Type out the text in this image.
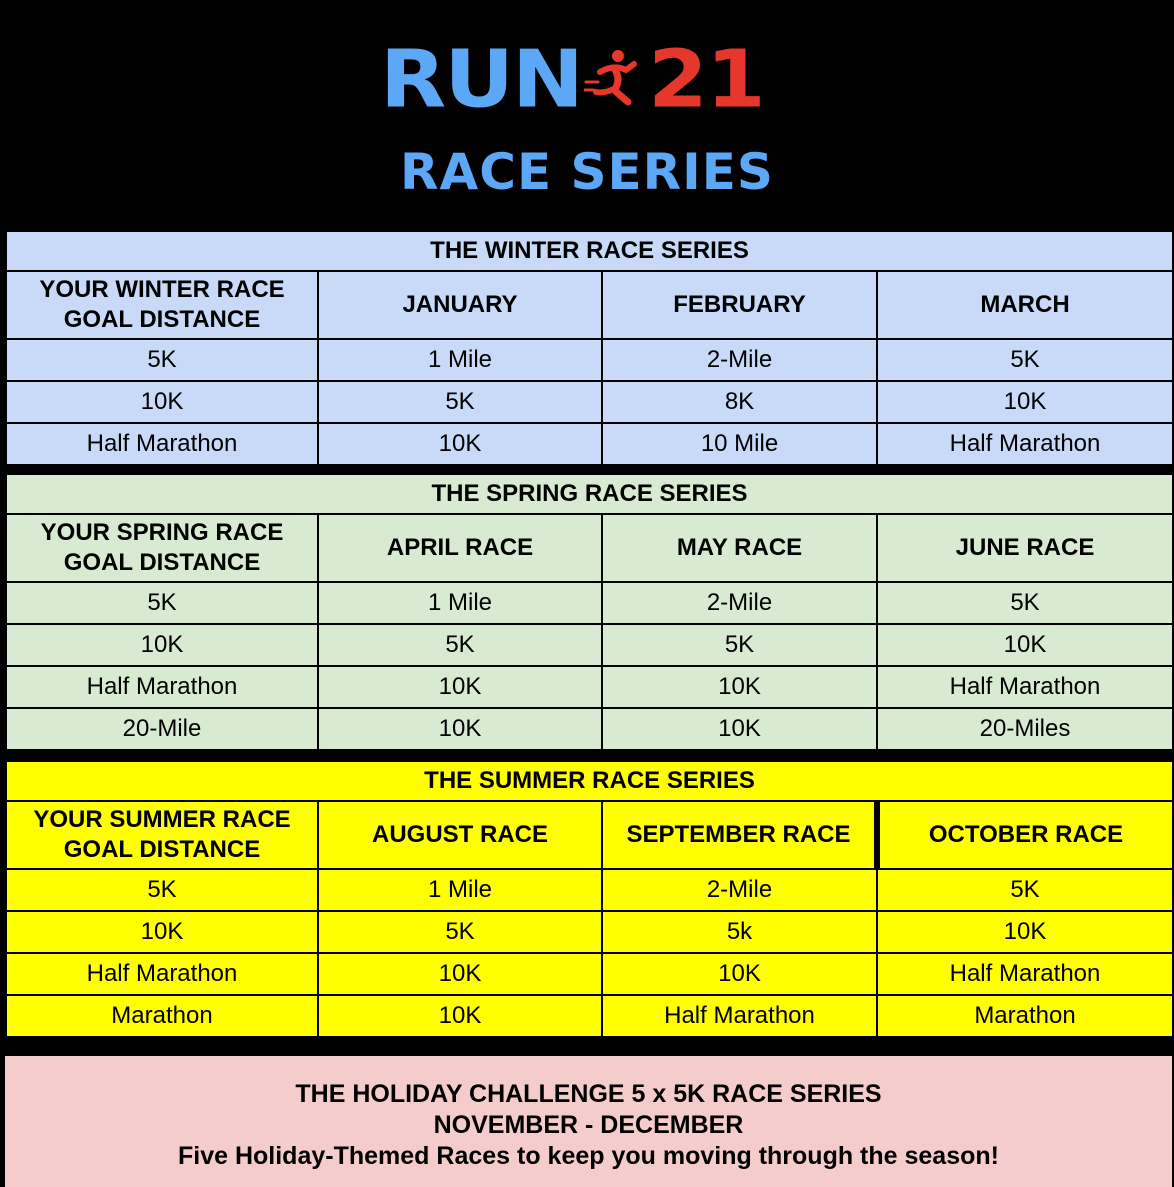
RUN 21
RACE SERIES
THE WINTER RACE SERIES			
YOUR WINTER RACE GOAL DISTANCE	JANUARY	FEBRUARY	MARCH
5K	1 Mile	2-Mile	5K
10K	5K	8K	10K
Half Marathon	10K	10 Mile	Half Marathon
THE SPRING RACE SERIES			
YOUR SPRING RACE GOAL DISTANCE	APRIL RACE	MAY RACE	JUNE RACE
5K	1 Mile	2-Mile	5K
10K	5K	5K	10K
Half Marathon	10K	10K	Half Marathon
20-Mile	10K	10K	20-Miles
THE SUMMER RACE SERIES			
YOUR SUMMER RACE GOAL DISTANCE	AUGUST RACE	SEPTEMBER RACE	OCTOBER RACE
5K	1 Mile	2-Mile	5K
10K	5K	5k	10K
Half Marathon	10K	10K	Half Marathon
Marathon	10K	Half Marathon	Marathon
THE HOLIDAY CHALLENGE 5 x 5K RACE SERIES
NOVEMBER - DECEMBER
Five Holiday-Themed Races to keep you moving through the season!
